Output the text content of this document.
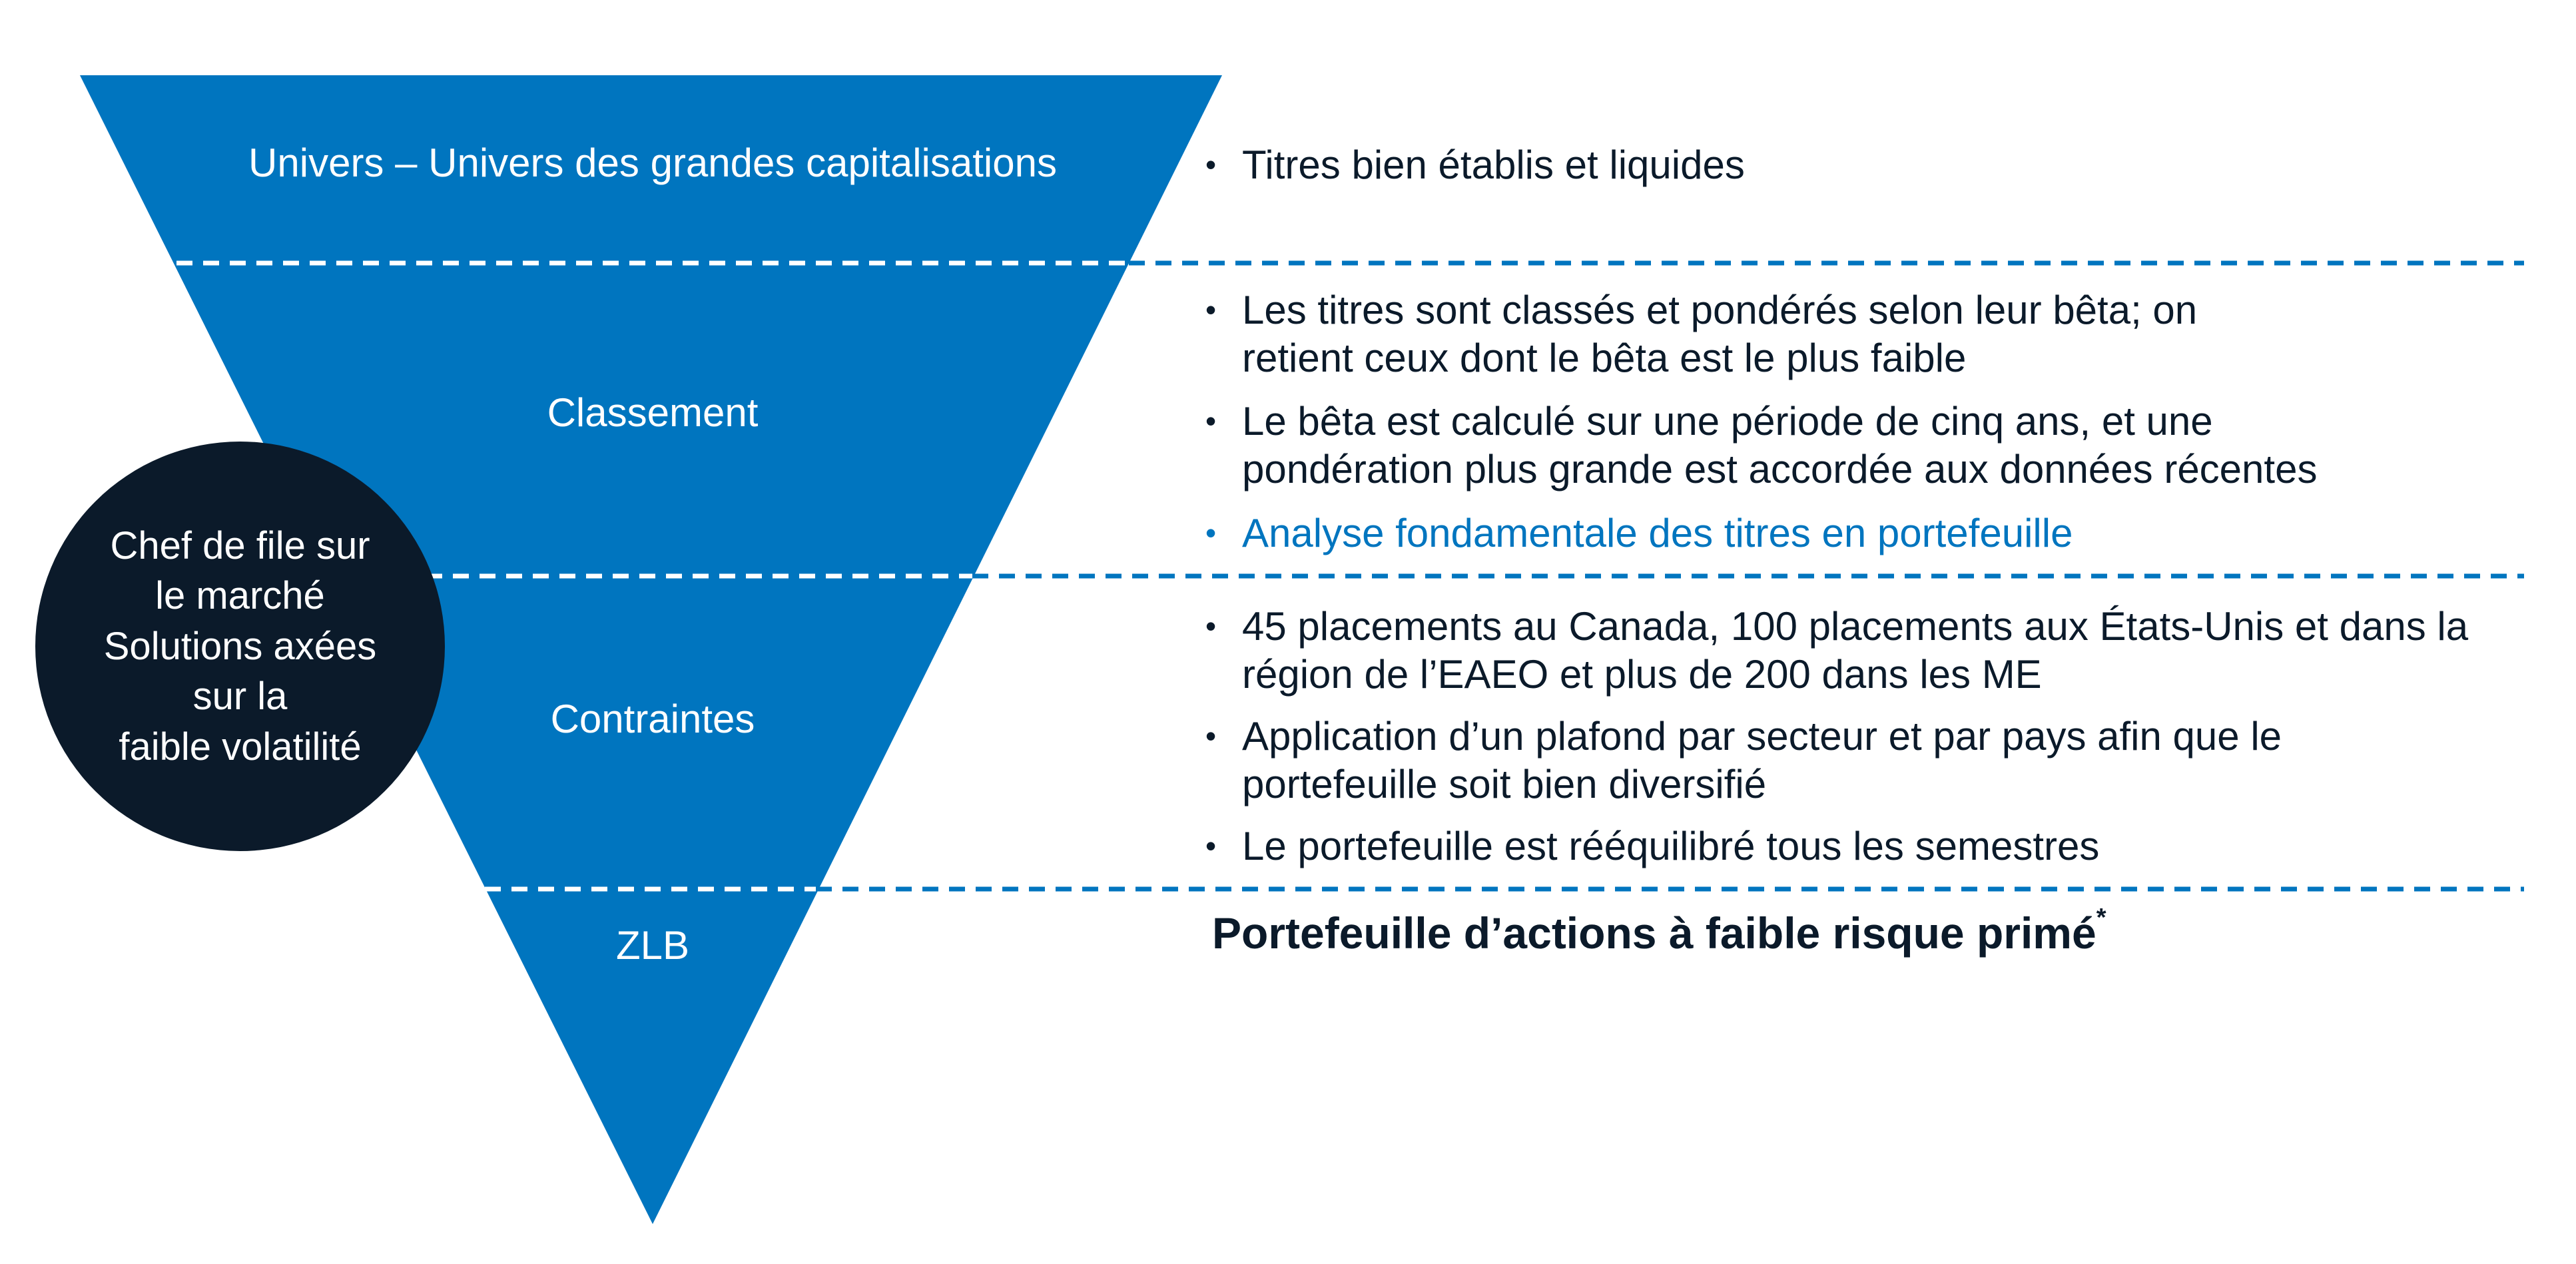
Univers – Univers des grandes capitalisations
Classement
Contraintes
ZLB
Chef de file sur
le marché
Solutions axées
sur la
faible volatilité
• Titres bien établis et liquides
• Les titres sont classés et pondérés selon leur bêta; on retient ceux dont le bêta est le plus faible
• Le bêta est calculé sur une période de cinq ans, et une pondération plus grande est accordée aux données récentes
• Analyse fondamentale des titres en portefeuille
• 45 placements au Canada, 100 placements aux États-Unis et dans la région de l’EAEO et plus de 200 dans les ME
• Application d’un plafond par secteur et par pays afin que le portefeuille soit bien diversifié
• Le portefeuille est rééquilibré tous les semestres
Portefeuille d’actions à faible risque primé*
